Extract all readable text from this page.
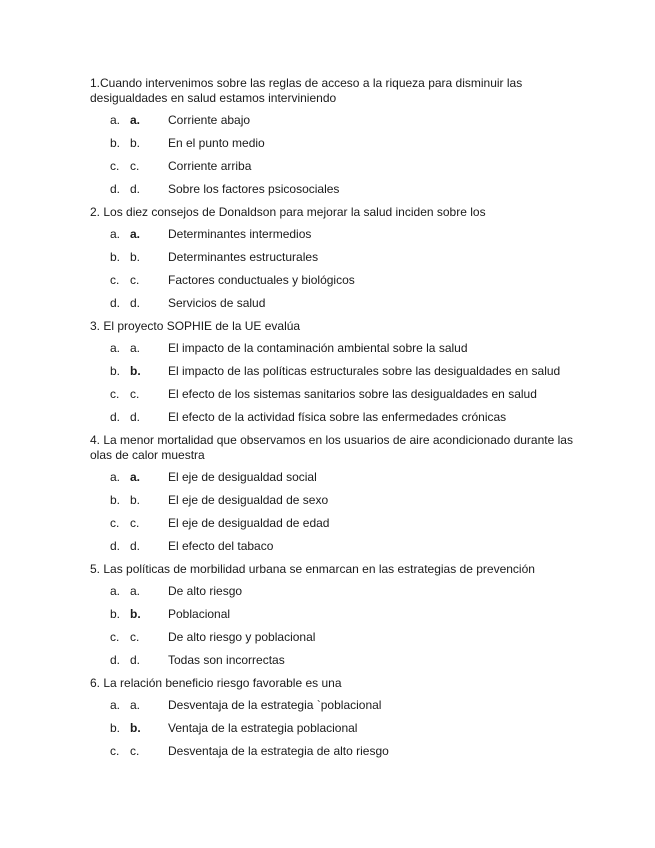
1.Cuando intervenimos sobre las reglas de acceso a la riqueza para disminuir las desigualdades en salud estamos interviniendo
a. a.	Corriente abajo
b. b.	En el punto medio
c. c.	Corriente arriba
d. d.	Sobre los factores psicosociales
2. Los diez consejos de Donaldson para mejorar la salud inciden sobre los
a. a.	Determinantes intermedios
b. b.	Determinantes estructurales
c. c.	Factores conductuales y biológicos
d. d.	Servicios de salud
3. El proyecto SOPHIE de la UE evalúa
a. a.	El impacto de la contaminación ambiental sobre la salud
b. b.	El impacto de las políticas estructurales sobre las desigualdades en salud
c. c.	El efecto de los sistemas sanitarios sobre las desigualdades en salud
d. d.	El efecto de la actividad física sobre las enfermedades crónicas
4. La menor mortalidad que observamos en los usuarios de aire acondicionado durante las olas de calor muestra
a. a.	El eje de desigualdad social
b. b.	El eje de desigualdad de sexo
c. c.	El eje de desigualdad de edad
d. d.	El efecto del tabaco
5. Las políticas de morbilidad urbana se enmarcan en las estrategias de prevención
a. a.	De alto riesgo
b. b.	Poblacional
c. c.	De alto riesgo y poblacional
d. d.	Todas son incorrectas
6. La relación beneficio riesgo favorable es una
a. a.	Desventaja de la estrategia `poblacional
b. b.	Ventaja de la estrategia poblacional
c. c.	Desventaja de la estrategia de alto riesgo
